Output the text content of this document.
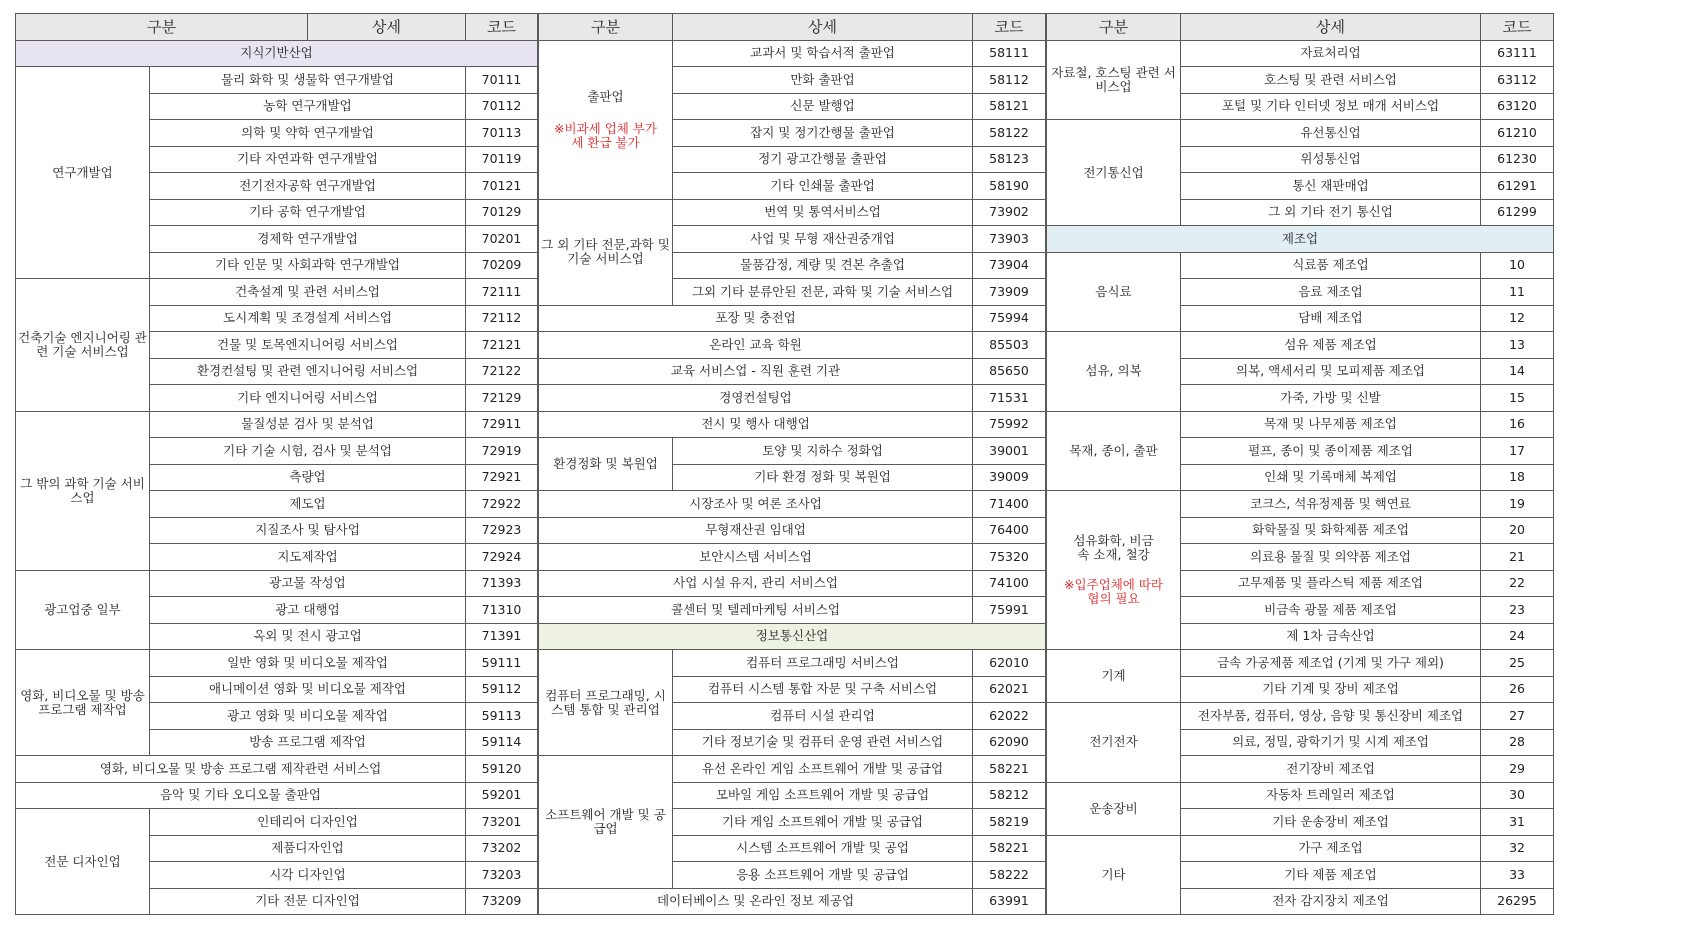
구분		상세	코드
지식기반산업			
연구개발업	물리 화학 및 생물학 연구개발업		70111
	농학 연구개발업		70112
	의학 및 약학 연구개발업		70113
	기타 자연과학 연구개발업		70119
	전기전자공학 연구개발업		70121
	기타 공학 연구개발업		70129
	경제학 연구개발업		70201
	기타 인문 및 사회과학 연구개발업		70209
건축기술 엔지니어링 관련 기술 서비스업	건축설계 및 관련 서비스업		72111
	도시계획 및 조경설계 서비스업		72112
	건물 및 토목엔지니어링 서비스업		72121
	환경컨설팅 및 관련 엔지니어링 서비스업		72122
	기타 엔지니어링 서비스업		72129
그 밖의 과학 기술 서비스업	물질성분 검사 및 분석업		72911
	기타 기술 시험, 검사 및 분석업		72919
	측량업		72921
	제도업		72922
	지질조사 및 탐사업		72923
	지도제작업		72924
광고업중 일부	광고물 작성업		71393
	광고 대행업		71310
	옥외 및 전시 광고업		71391
영화, 비디오물 및 방송 프로그램 제작업	일반 영화 및 비디오물 제작업		59111
	애니메이션 영화 및 비디오물 제작업		59112
	광고 영화 및 비디오물 제작업		59113
	방송 프로그램 제작업		59114
영화, 비디오물 및 방송 프로그램 제작관련 서비스업			59120
음악 및 기타 오디오물 출판업			59201
전문 디자인업	인테리어 디자인업		73201
	제품디자인업		73202
	시각 디자인업		73203
	기타 전문 디자인업		73209
구분	상세	코드

출판업
※비과세 업체 부가세 환급 불가	교과서 및 학습서적 출판업	58111
	만화 출판업	58112
	신문 발행업	58121
	잡지 및 정기간행물 출판업	58122
	정기 광고간행물 출판업	58123
	기타 인쇄물 출판업	58190
그 외 기타 전문,과학 및 기술 서비스업	번역 및 통역서비스업	73902
	사업 및 무형 재산권중개업	73903
	물품감정, 계량 및 견본 추출업	73904
	그외 기타 분류안된 전문, 과학 및 기술 서비스업	73909
포장 및 충전업		75994
온라인 교육 학원		85503
교육 서비스업 - 직원 훈련 기관		85650
경영컨설팅업		71531
전시 및 행사 대행업		75992
환경정화 및 복원업	토양 및 지하수 정화업	39001
	기타 환경 정화 및 복원업	39009
시장조사 및 여론 조사업		71400
무형재산권 임대업		76400
보안시스템 서비스업		75320
사업 시설 유지, 관리 서비스업		74100
콜센터 및 텔레마케팅 서비스업		75991
정보통신산업		
컴퓨터 프로그래밍, 시스템 통합 및 관리업	컴퓨터 프로그래밍 서비스업	62010
	컴퓨터 시스템 통합 자문 및 구축 서비스업	62021
	컴퓨터 시설 관리업	62022
	기타 정보기술 및 컴퓨터 운영 관련 서비스업	62090
소프트웨어 개발 및 공급업	유선 온라인 게임 소프트웨어 개발 및 공급업	58221
	모바일 게임 소프트웨어 개발 및 공급업	58212
	기타 게임 소프트웨어 개발 및 공급업	58219
	시스템 소프트웨어 개발 및 공업	58221
	응용 소프트웨어 개발 및 공급업	58222
데이터베이스 및 온라인 정보 제공업		63991
구분	상세	코드
자료철, 호스팅 관련 서비스업	자료처리업	63111
	호스팅 및 관련 서비스업	63112
	포털 및 기타 인터넷 정보 매개 서비스업	63120
전기통신업	유선통신업	61210
	위성통신업	61230
	통신 재판매업	61291
	그 외 기타 전기 통신업	61299
제조업		
음식료	식료품 제조업	10
	음료 제조업	11
	담배 제조업	12
섬유, 의복	섬유 제품 제조업	13
	의복, 액세서리 및 모피제품 제조업	14
	가죽, 가방 및 신발	15
목재, 종이, 출판	목재 및 나무제품 제조업	16
	펄프, 종이 및 종이제품 제조업	17
	인쇄 및 기록매체 복제업	18

섬유화학, 비금속 소재, 철강
※입주업체에 따라 협의 필요	코크스, 석유정제품 및 핵연료	19
	화학물질 및 화학제품 제조업	20
	의료용 물질 및 의약품 제조업	21
	고무제품 및 플라스틱 제품 제조업	22
	비금속 광물 제품 제조업	23
	제 1차 금속산업	24
기계	금속 가공제품 제조업 (기계 및 가구 제외)	25
	기타 기계 및 장비 제조업	26
전기전자	전자부품, 컴퓨터, 영상, 음향 및 통신장비 제조업	27
	의료, 정밀, 광학기기 및 시계 제조업	28
	전기장비 제조업	29
운송장비	자동차 트레일러 제조업	30
	기타 운송장비 제조업	31
기타	가구 제조업	32
	기타 제품 제조업	33
	전자 감지장치 제조업	26295
